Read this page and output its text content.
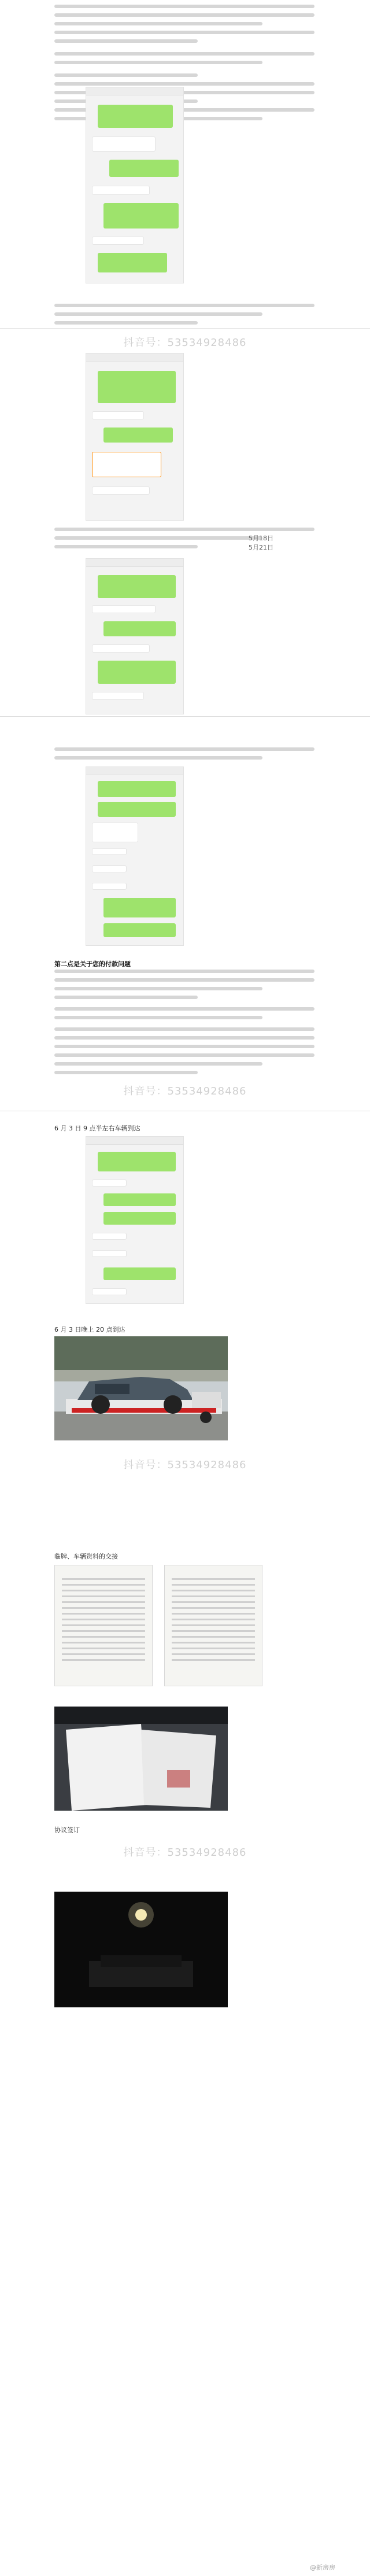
抖音号：53534928486
5月18日
5月21日
第二点是关于您的付款问题
抖音号：53534928486
6 月 3 日 9 点半左右车辆到达
6 月 3 日晚上 20 点到达
抖音号：53534928486
临牌、车辆资料的交接
协议签订
抖音号：53534928486
@新房房
